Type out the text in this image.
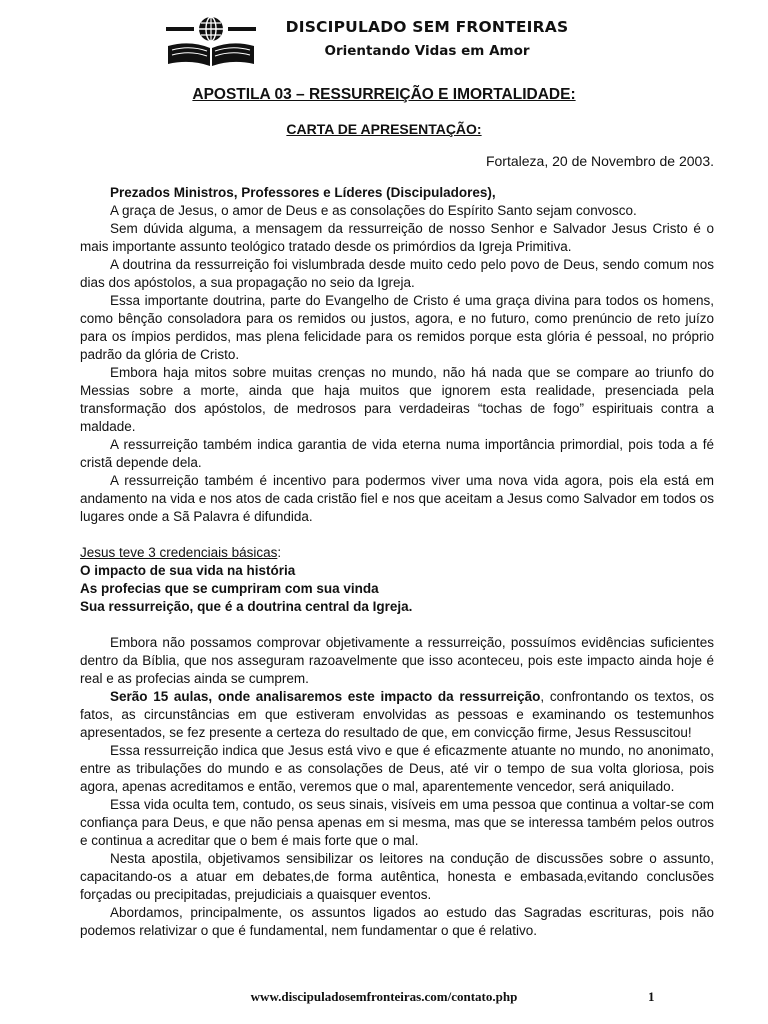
DISCIPULADO SEM FRONTEIRAS
Orientando Vidas em Amor
APOSTILA 03 – RESSURREIÇÃO E IMORTALIDADE:
CARTA DE APRESENTAÇÃO:
Fortaleza, 20 de Novembro de 2003.

Prezados Ministros, Professores e Líderes (Discipuladores),

A graça de Jesus, o amor de Deus e as consolações do Espírito Santo sejam convosco.

Sem dúvida alguma, a mensagem da ressurreição de nosso Senhor e Salvador Jesus Cristo é o mais importante assunto teológico tratado desde os primórdios da Igreja Primitiva.

A doutrina da ressurreição foi vislumbrada desde muito cedo pelo povo de Deus, sendo comum nos dias dos apóstolos, a sua propagação no seio da Igreja.

Essa importante doutrina, parte do Evangelho de Cristo é uma graça divina para todos os homens, como bênção consoladora para os remidos ou justos, agora, e no futuro, como prenúncio de reto juízo para os ímpios perdidos, mas plena felicidade para os remidos porque esta glória é pessoal, no próprio padrão da glória de Cristo.

Embora haja mitos sobre muitas crenças no mundo, não há nada que se compare ao triunfo do Messias sobre a morte, ainda que haja muitos que ignorem esta realidade, presenciada pela transformação dos apóstolos, de medrosos para verdadeiras “tochas de fogo” espirituais contra a maldade.

A ressurreição também indica garantia de vida eterna numa importância primordial, pois toda a fé cristã depende dela.

A ressurreição também é incentivo para podermos viver uma nova vida agora, pois ela está em andamento na vida e nos atos de cada cristão fiel e nos que aceitam a Jesus como Salvador em todos os lugares onde a Sã Palavra é difundida.

Jesus teve 3 credenciais básicas:

O impacto de sua vida na história

As profecias que se cumpriram com sua vinda

Sua ressurreição, que é a doutrina central da Igreja.

Embora não possamos comprovar objetivamente a ressurreição, possuímos evidências suficientes dentro da Bíblia, que nos asseguram razoavelmente que isso aconteceu, pois este impacto ainda hoje é real e as profecias ainda se cumprem.

Serão 15 aulas, onde analisaremos este impacto da ressurreição, confrontando os textos, os fatos, as circunstâncias em que estiveram envolvidas as pessoas e examinando os testemunhos apresentados, se fez presente a certeza do resultado de que, em convicção firme, Jesus Ressuscitou!

Essa ressurreição indica que Jesus está vivo e que é eficazmente atuante no mundo, no anonimato, entre as tribulações do mundo e as consolações de Deus, até vir o tempo de sua volta gloriosa, pois agora, apenas acreditamos e então, veremos que o mal, aparentemente vencedor, será aniquilado.

Essa vida oculta tem, contudo, os seus sinais, visíveis em uma pessoa que continua a voltar-se com confiança para Deus, e que não pensa apenas em si mesma, mas que se interessa também pelos outros e continua a acreditar que o bem é mais forte que o mal.

Nesta apostila, objetivamos sensibilizar os leitores na condução de discussões sobre o assunto, capacitando-os a atuar em debates,de forma autêntica, honesta e embasada,evitando conclusões forçadas ou precipitadas, prejudiciais a quaisquer eventos.

Abordamos, principalmente, os assuntos ligados ao estudo das Sagradas escrituras, pois não podemos relativizar o que é fundamental, nem fundamentar o que é relativo.

www.discipuladosemfronteiras.com/contato.php	1
